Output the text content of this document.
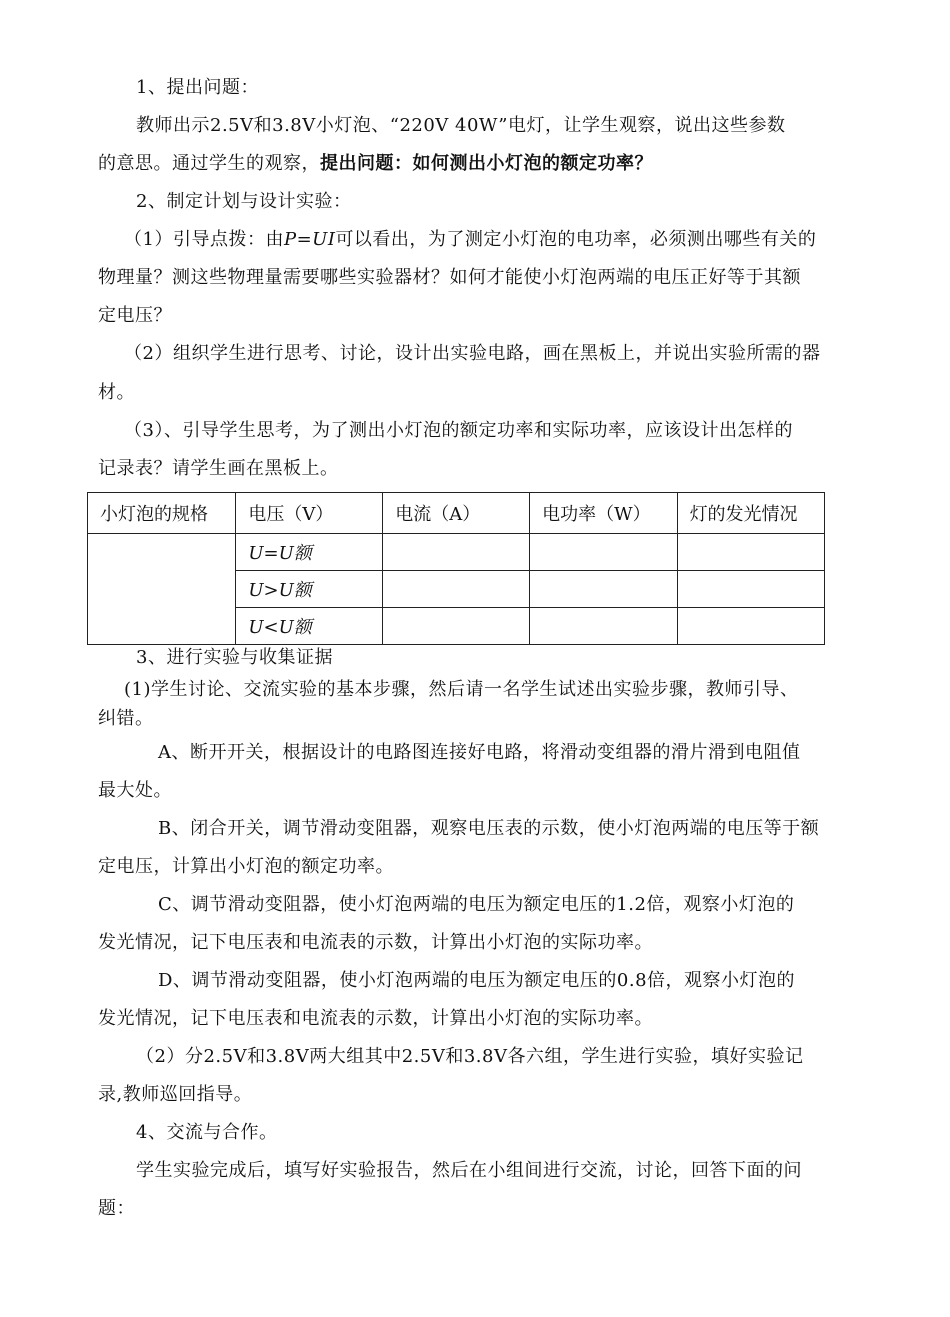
1、提出问题：
教师出示2.5V和3.8V小灯泡、“220V 40W”电灯，让学生观察，说出这些参数
的意思。通过学生的观察，提出问题：如何测出小灯泡的额定功率？
2、制定计划与设计实验：
（1）引导点拨：由P=UI可以看出，为了测定小灯泡的电功率，必须测出哪些有关的
物理量？测这些物理量需要哪些实验器材？如何才能使小灯泡两端的电压正好等于其额
定电压？
（2）组织学生进行思考、讨论，设计出实验电路，画在黑板上，并说出实验所需的器
材。
（3）、引导学生思考，为了测出小灯泡的额定功率和实际功率，应该设计出怎样的
记录表？请学生画在黑板上。
小灯泡的规格	电压（V）	电流（A）	电功率（W）	灯的发光情况
	U=U额			
	U>U额			
	U<U额			
3、进行实验与收集证据
(1)学生讨论、交流实验的基本步骤，然后请一名学生试述出实验步骤，教师引导、
纠错。
A、断开开关，根据设计的电路图连接好电路，将滑动变组器的滑片滑到电阻值
最大处。
B、闭合开关，调节滑动变阻器，观察电压表的示数，使小灯泡两端的电压等于额
定电压，计算出小灯泡的额定功率。
C、调节滑动变阻器，使小灯泡两端的电压为额定电压的1.2倍，观察小灯泡的
发光情况，记下电压表和电流表的示数，计算出小灯泡的实际功率。
D、调节滑动变阻器，使小灯泡两端的电压为额定电压的0.8倍，观察小灯泡的
发光情况，记下电压表和电流表的示数，计算出小灯泡的实际功率。
（2）分2.5V和3.8V两大组其中2.5V和3.8V各六组，学生进行实验，填好实验记
录,教师巡回指导。
4、交流与合作。
学生实验完成后，填写好实验报告，然后在小组间进行交流，讨论，回答下面的问
题：
